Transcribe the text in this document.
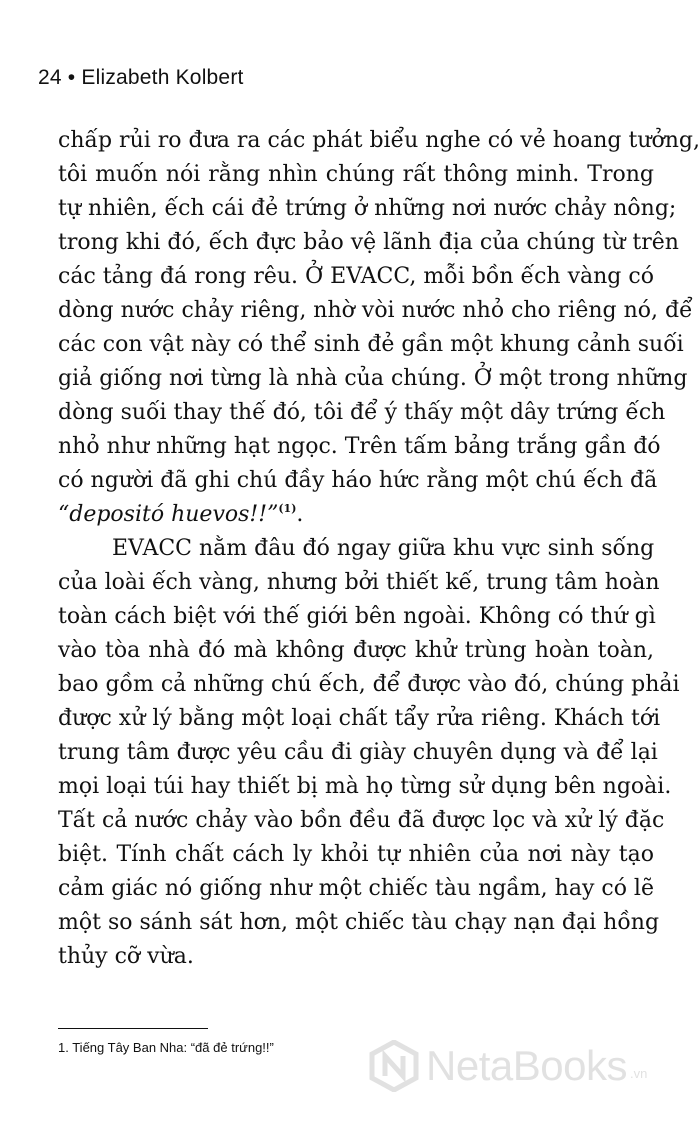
24 • Elizabeth Kolbert
chấp rủi ro đưa ra các phát biểu nghe có vẻ hoang tưởng,
tôi muốn nói rằng nhìn chúng rất thông minh. Trong
tự nhiên, ếch cái đẻ trứng ở những nơi nước chảy nông;
trong khi đó, ếch đực bảo vệ lãnh địa của chúng từ trên
các tảng đá rong rêu. Ở EVACC, mỗi bồn ếch vàng có
dòng nước chảy riêng, nhờ vòi nước nhỏ cho riêng nó, để
các con vật này có thể sinh đẻ gần một khung cảnh suối
giả giống nơi từng là nhà của chúng. Ở một trong những
dòng suối thay thế đó, tôi để ý thấy một dây trứng ếch
nhỏ như những hạt ngọc. Trên tấm bảng trắng gần đó
có người đã ghi chú đầy háo hức rằng một chú ếch đã
“depositó huevos!!”$^{(1)}$.
EVACC nằm đâu đó ngay giữa khu vực sinh sống
của loài ếch vàng, nhưng bởi thiết kế, trung tâm hoàn
toàn cách biệt với thế giới bên ngoài. Không có thứ gì
vào tòa nhà đó mà không được khử trùng hoàn toàn,
bao gồm cả những chú ếch, để được vào đó, chúng phải
được xử lý bằng một loại chất tẩy rửa riêng. Khách tới
trung tâm được yêu cầu đi giày chuyên dụng và để lại
mọi loại túi hay thiết bị mà họ từng sử dụng bên ngoài.
Tất cả nước chảy vào bồn đều đã được lọc và xử lý đặc
biệt. Tính chất cách ly khỏi tự nhiên của nơi này tạo
cảm giác nó giống như một chiếc tàu ngầm, hay có lẽ
một so sánh sát hơn, một chiếc tàu chạy nạn đại hồng
thủy cỡ vừa.
1. Tiếng Tây Ban Nha: “đã đẻ trứng!!”	NetaBooks .vn
